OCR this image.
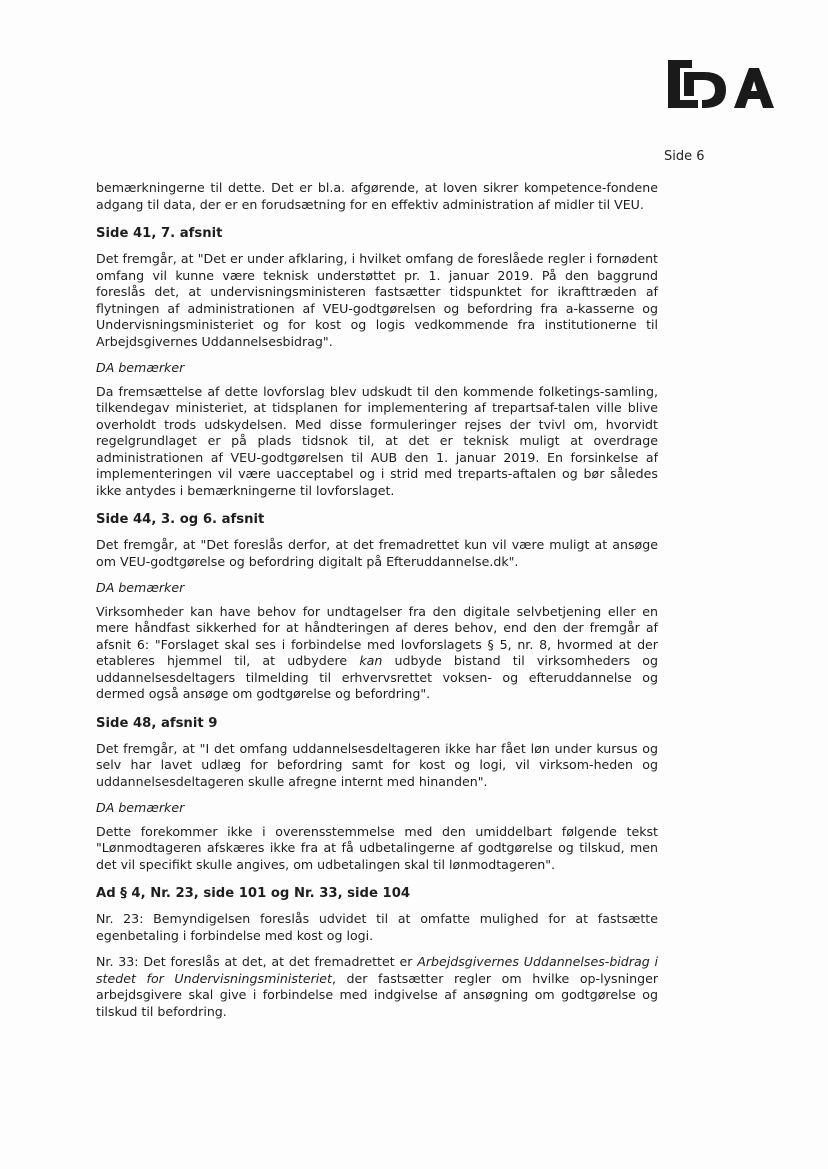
Side 6

bemærkningerne til dette. Det er bl.a. afgørende, at loven sikrer kompetence-fondene adgang til data, der er en forudsætning for en effektiv administration af midler til VEU.

Side 41, 7. afsnit

Det fremgår, at "Det er under afklaring, i hvilket omfang de foreslåede regler i fornødent omfang vil kunne være teknisk understøttet pr. 1. januar 2019. På den baggrund foreslås det, at undervisningsministeren fastsætter tidspunktet for ikrafttræden af flytningen af administrationen af VEU-godtgørelsen og befordring fra a-kasserne og Undervisningsministeriet og for kost og logis vedkommende fra institutionerne til Arbejdsgivernes Uddannelsesbidrag".

DA bemærker

Da fremsættelse af dette lovforslag blev udskudt til den kommende folketings-samling, tilkendegav ministeriet, at tidsplanen for implementering af trepartsaf-talen ville blive overholdt trods udskydelsen. Med disse formuleringer rejses der tvivl om, hvorvidt regelgrundlaget er på plads tidsnok til, at det er teknisk muligt at overdrage administrationen af VEU-godtgørelsen til AUB den 1. januar 2019. En forsinkelse af implementeringen vil være uacceptabel og i strid med treparts-aftalen og bør således ikke antydes i bemærkningerne til lovforslaget.

Side 44, 3. og 6. afsnit

Det fremgår, at "Det foreslås derfor, at det fremadrettet kun vil være muligt at ansøge om VEU-godtgørelse og befordring digitalt på Efteruddannelse.dk".

DA bemærker

Virksomheder kan have behov for undtagelser fra den digitale selvbetjening eller en mere håndfast sikkerhed for at håndteringen af deres behov, end den der fremgår af afsnit 6: "Forslaget skal ses i forbindelse med lovforslagets § 5, nr. 8, hvormed at der etableres hjemmel til, at udbydere kan udbyde bistand til virksomheders og uddannelsesdeltagers tilmelding til erhvervsrettet voksen- og efteruddannelse og dermed også ansøge om godtgørelse og befordring".

Side 48, afsnit 9

Det fremgår, at "I det omfang uddannelsesdeltageren ikke har fået løn under kursus og selv har lavet udlæg for befordring samt for kost og logi, vil virksom-heden og uddannelsesdeltageren skulle afregne internt med hinanden".

DA bemærker

Dette forekommer ikke i overensstemmelse med den umiddelbart følgende tekst "Lønmodtageren afskæres ikke fra at få udbetalingerne af godtgørelse og tilskud, men det vil specifikt skulle angives, om udbetalingen skal til lønmodtageren".

Ad § 4, Nr. 23, side 101 og Nr. 33, side 104

Nr. 23: Bemyndigelsen foreslås udvidet til at omfatte mulighed for at fastsætte egenbetaling i forbindelse med kost og logi.

Nr. 33: Det foreslås at det, at det fremadrettet er Arbejdsgivernes Uddannelses-bidrag i stedet for Undervisningsministeriet, der fastsætter regler om hvilke op-lysninger arbejdsgivere skal give i forbindelse med indgivelse af ansøgning om godtgørelse og tilskud til befordring.
